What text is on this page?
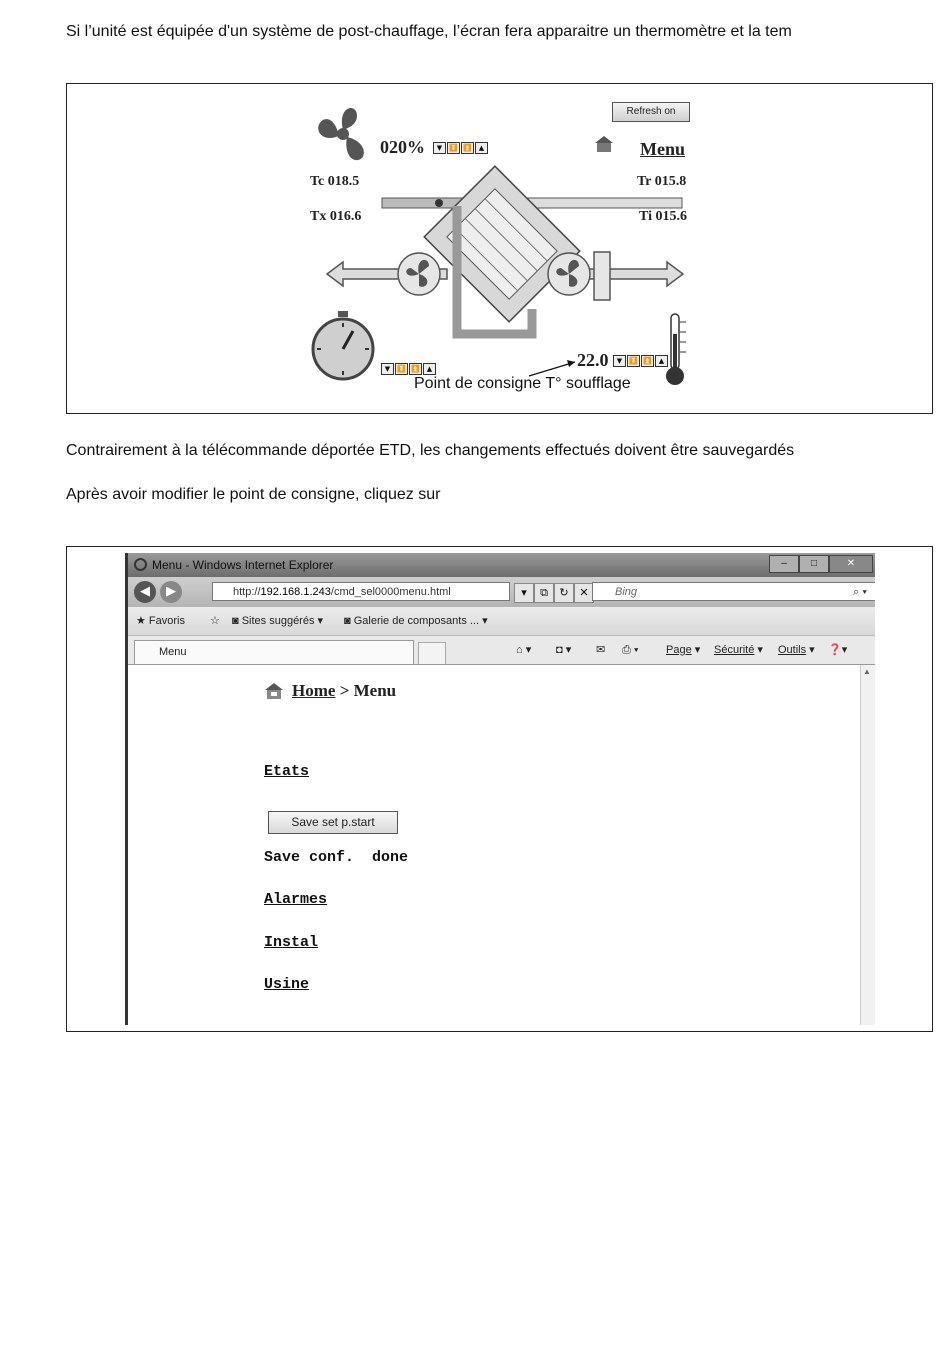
Si l’unité est équipée d'un système de post-chauffage, l’écran fera apparaitre un thermomètre et la tem
Refresh on
020%	▼ ⏬ ⏫ ▲	Menu
Tc 018.5
Tx 016.6
Tr 015.8
Ti 015.6
▼ ⏬ ⏫ ▲	22.0	▼ ⏬ ⏫ ▲
Point de consigne T° soufflage
Contrairement à la télécommande déportée ETD, les changements effectués doivent être sauvegardés
Après avoir modifier le point de consigne, cliquez sur
Menu - Windows Internet Explorer	–	□	✕
◀	▶	http://192.168.1.243/cmd_sel0000menu.html	▾	⧉	↻ ✕	Bing	⌕ ▾
★ Favoris ☆ ◙ Sites suggérés ▾ ◙ Galerie de composants ... ▾
Menu	⌂ ▾ ◘ ▾ ✉ ⎙ ▾	Page ▾ Sécurité ▾ Outils ▾ ❓▾
Home > Menu
Etats
Save set p.start
Save conf.  done
Alarmes
Instal
Usine
▲
